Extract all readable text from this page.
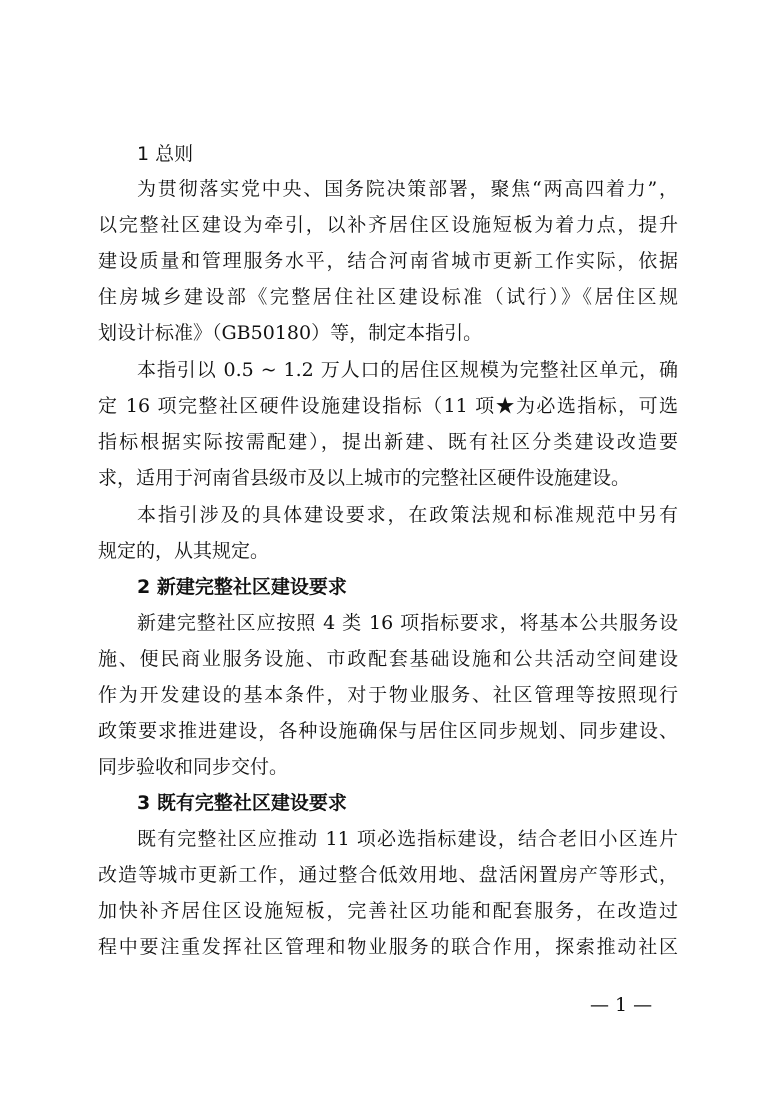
1 总则
为贯彻落实党中央、国务院决策部署，聚焦“两高四着力”，
以完整社区建设为牵引，以补齐居住区设施短板为着力点，提升
建设质量和管理服务水平，结合河南省城市更新工作实际，依据
住房城乡建设部《完整居住社区建设标准（试行）》《居住区规
划设计标准》（GB50180）等，制定本指引。
本指引以 0.5 ~ 1.2 万人口的居住区规模为完整社区单元，确
定 16 项完整社区硬件设施建设指标（11 项★为必选指标，可选
指标根据实际按需配建），提出新建、既有社区分类建设改造要
求，适用于河南省县级市及以上城市的完整社区硬件设施建设。
本指引涉及的具体建设要求，在政策法规和标准规范中另有
规定的，从其规定。
2 新建完整社区建设要求
新建完整社区应按照 4 类 16 项指标要求，将基本公共服务设
施、便民商业服务设施、市政配套基础设施和公共活动空间建设
作为开发建设的基本条件，对于物业服务、社区管理等按照现行
政策要求推进建设，各种设施确保与居住区同步规划、同步建设、
同步验收和同步交付。
3 既有完整社区建设要求
既有完整社区应推动 11 项必选指标建设，结合老旧小区连片
改造等城市更新工作，通过整合低效用地、盘活闲置房产等形式，
加快补齐居住区设施短板，完善社区功能和配套服务，在改造过
程中要注重发挥社区管理和物业服务的联合作用，探索推动社区
— 1 —
